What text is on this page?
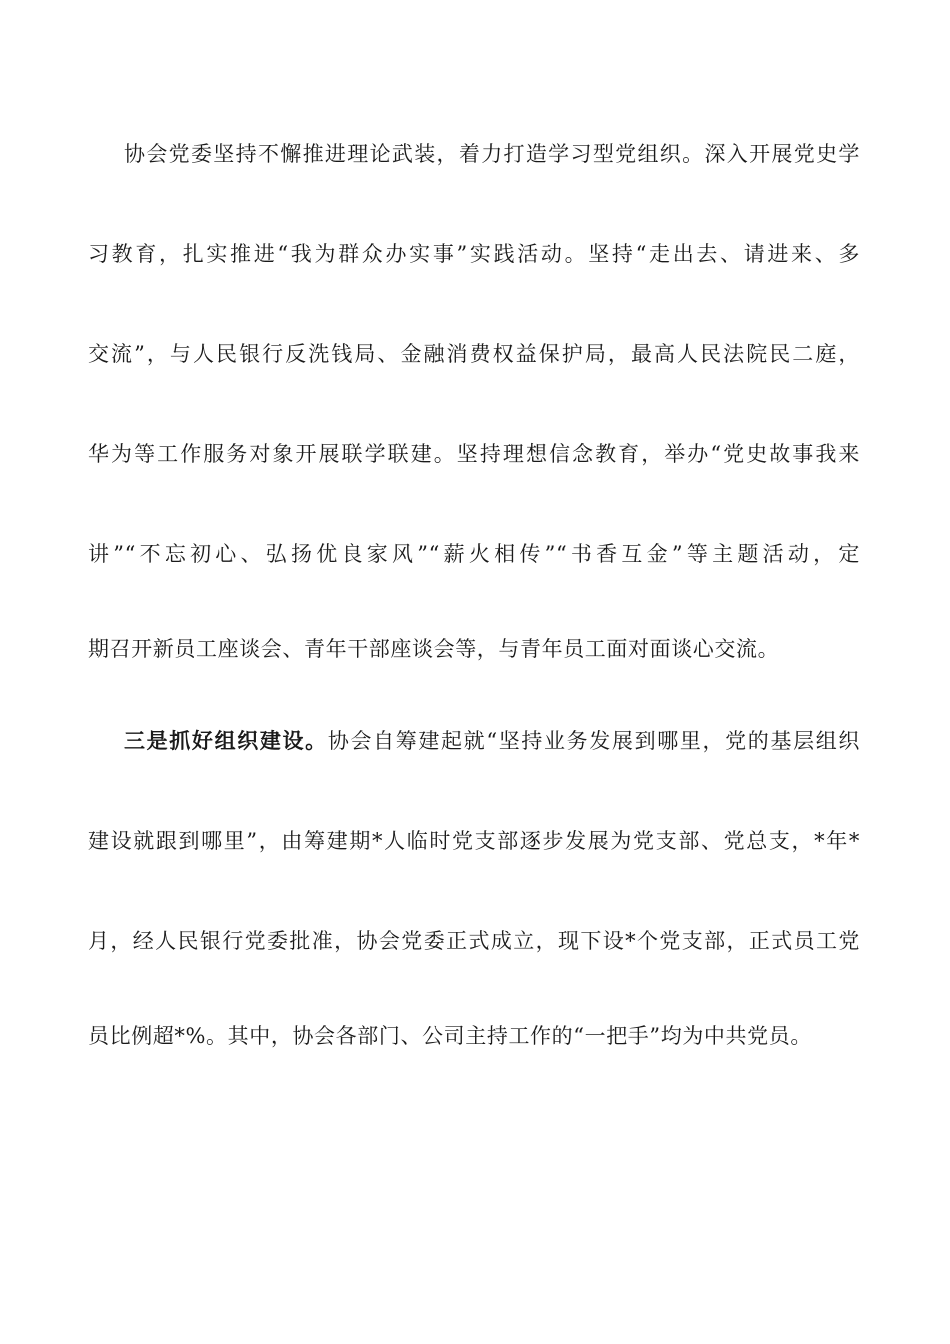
协会党委坚持不懈推进理论武装，着力打造学习型党组织。深入开展党史学
习教育，扎实推进“我为群众办实事”实践活动。坚持“走出去、请进来、多
交流”，与人民银行反洗钱局、金融消费权益保护局，最高人民法院民二庭，
华为等工作服务对象开展联学联建。坚持理想信念教育，举办“党史故事我来
讲”“不忘初心、弘扬优良家风”“薪火相传”“书香互金”等主题活动，定
期召开新员工座谈会、青年干部座谈会等，与青年员工面对面谈心交流。
三是抓好组织建设。协会自筹建起就“坚持业务发展到哪里，党的基层组织
建设就跟到哪里”，由筹建期*人临时党支部逐步发展为党支部、党总支，*年*
月，经人民银行党委批准，协会党委正式成立，现下设*个党支部，正式员工党
员比例超*%。其中，协会各部门、公司主持工作的“一把手”均为中共党员。
